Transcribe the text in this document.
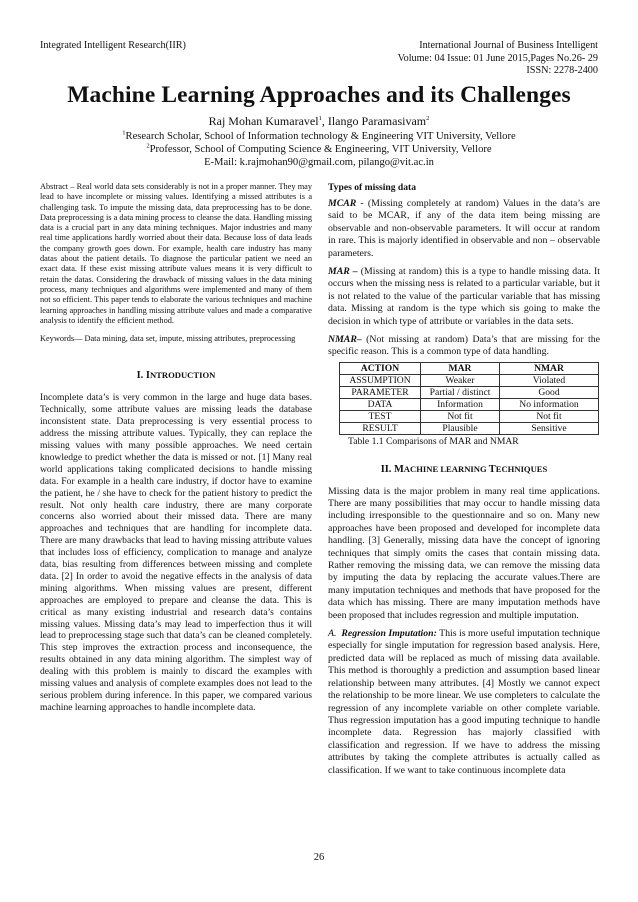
Integrated Intelligent Research(IIR)	International Journal of Business Intelligent
Volume: 04 Issue: 01 June 2015,Pages No.26- 29
ISSN: 2278-2400
Machine Learning Approaches and its Challenges
Raj Mohan Kumaravel$^1$, Ilango Paramasivam$^2$
$^1$Research Scholar, School of Information technology & Engineering VIT University, Vellore
$^2$Professor, School of Computing Science & Engineering, VIT University, Vellore
E-Mail: k.rajmohan90@gmail.com, pilango@vit.ac.in

Abstract – Real world data sets considerably is not in a proper manner. They may lead to have incomplete or missing values. Identifying a missed attributes is a challenging task. To impute the missing data, data preprocessing has to be done. Data preprocessing is a data mining process to cleanse the data. Handling missing data is a crucial part in any data mining techniques. Major industries and many real time applications hardly worried about their data. Because loss of data leads the company growth goes down. For example, health care industry has many datas about the patient details. To diagnose the particular patient we need an exact data. If these exist missing attribute values means it is very difficult to retain the datas. Considering the drawback of missing values in the data mining process, many techniques and algorithms were implemented and many of them not so efficient. This paper tends to elaborate the various techniques and machine learning approaches in handling missing attribute values and made a comparative analysis to identify the efficient method.

Keywords— Data mining, data set, impute, missing attributes, preprocessing

I. INTRODUCTION

Incomplete data’s is very common in the large and huge data bases. Technically, some attribute values are missing leads the database inconsistent state. Data preprocessing is very essential process to address the missing attribute values. Typically, they can replace the missing values with many possible approaches. We need certain knowledge to predict whether the data is missed or not. [1] Many real world applications taking complicated decisions to handle missing data. For example in a health care industry, if doctor have to examine the patient, he / she have to check for the patient history to predict the result. Not only health care industry, there are many corporate concerns also worried about their missed data. There are many approaches and techniques that are handling for incomplete data. There are many drawbacks that lead to having missing attribute values that includes loss of efficiency, complication to manage and analyze data, bias resulting from differences between missing and complete data. [2] In order to avoid the negative effects in the analysis of data mining algorithms. When missing values are present, different approaches are employed to prepare and cleanse the data. This is critical as many existing industrial and research data’s contains missing values. Missing data’s may lead to imperfection thus it will lead to preprocessing stage such that data’s can be cleaned completely. This step improves the extraction process and inconsequence, the results obtained in any data mining algorithm. The simplest way of dealing with this problem is mainly to discard the examples with missing values and analysis of complete examples does not lead to the serious problem during inference. In this paper, we compared various machine learning approaches to handle incomplete data.

Types of missing data

MCAR - (Missing completely at random) Values in the data’s are said to be MCAR, if any of the data item being missing are observable and non-observable parameters. It will occur at random in rare. This is majorly identified in observable and non – observable parameters.

MAR – (Missing at random) this is a type to handle missing data. It occurs when the missing ness is related to a particular variable, but it is not related to the value of the particular variable that has missing data. Missing at random is the type which sis going to make the decision in which type of attribute or variables in the data sets.

NMAR– (Not missing at random) Data’s that are missing for the specific reason. This is a common type of data handling.

ACTION	MAR	NMAR
ASSUMPTION	Weaker	Violated
PARAMETER	Partial / distinct	Good
DATA	Information	No information
TEST	Not fit	Not fit
RESULT	Plausible	Sensitive
Table 1.1 Comparisons of MAR and NMAR
II. MACHINE LEARNING TECHNIQUES

Missing data is the major problem in many real time applications. There are many possibilities that may occur to handle missing data including irresponsible to the questionnaire and so on. Many new approaches have been proposed and developed for incomplete data handling. [3] Generally, missing data have the concept of ignoring techniques that simply omits the cases that contain missing data. Rather removing the missing data, we can remove the missing data by imputing the data by replacing the accurate values.There are many imputation techniques and methods that have proposed for the data which has missing. There are many imputation methods have been proposed that includes regression and multiple imputation.

A. Regression Imputation: This is more useful imputation technique especially for single imputation for regression based analysis. Here, predicted data will be replaced as much of missing data available. This method is thoroughly a prediction and assumption based linear relationship between many attributes. [4] Mostly we cannot expect the relationship to be more linear. We use completers to calculate the regression of any incomplete variable on other complete variable. Thus regression imputation has a good imputing technique to handle incomplete data. Regression has majorly classified with classification and regression. If we have to address the missing attributes by taking the complete attributes is actually called as classification. If we want to take continuous incomplete data

26
